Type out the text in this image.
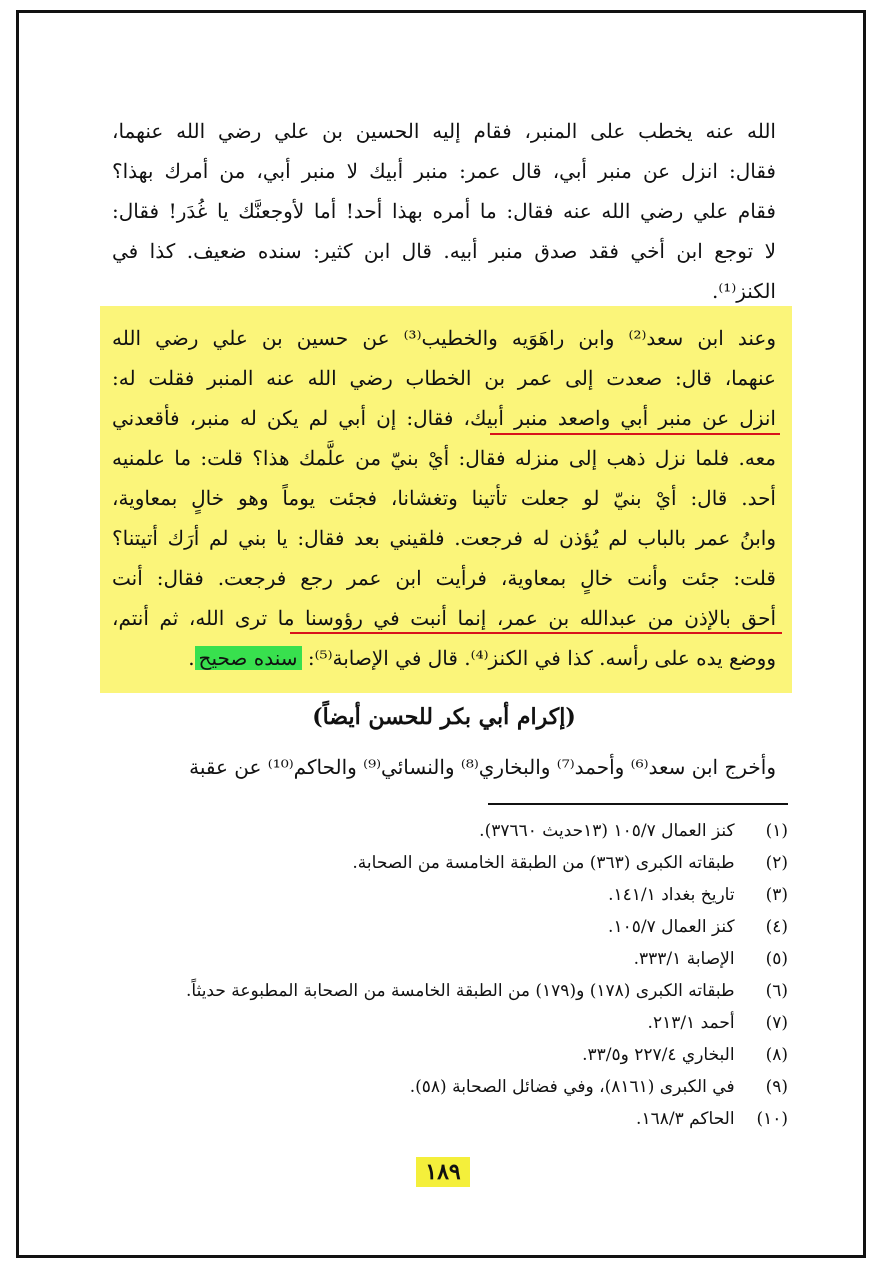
الله عنه يخطب على المنبر، فقام إليه الحسين بن علي رضي الله عنهما،
فقال: انزل عن منبر أبي، قال عمر: منبر أبيك لا منبر أبي، من أمرك بهذا؟
فقام علي رضي الله عنه فقال: ما أمره بهذا أحد! أما لأوجعنَّك يا غُدَر! فقال:
لا توجع ابن أخي فقد صدق منبر أبيه. قال ابن كثير: سنده ضعيف. كذا في
الكنز⁽¹⁾.
وعند ابن سعد⁽²⁾ وابن راهَوَيه والخطيب⁽³⁾ عن حسين بن علي رضي الله
عنهما، قال: صعدت إلى عمر بن الخطاب رضي الله عنه المنبر فقلت له:
انزل عن منبر أبي واصعد منبر أبيك، فقال: إن أبي لم يكن له منبر، فأقعدني
معه. فلما نزل ذهب إلى منزله فقال: أيْ بنيّ من علَّمك هذا؟ قلت: ما علمنيه
أحد. قال: أيْ بنيّ لو جعلت تأتينا وتغشانا، فجئت يوماً وهو خالٍ بمعاوية،
وابنُ عمر بالباب لم يُؤذن له فرجعت. فلقيني بعد فقال: يا بني لم أرَك أتيتنا؟
قلت: جئت وأنت خالٍ بمعاوية، فرأيت ابن عمر رجع فرجعت. فقال: أنت
أحق بالإذن من عبدالله بن عمر، إنما أنبت في رؤوسنا ما ترى الله، ثم أنتم،
ووضع يده على رأسه. كذا في الكنز⁽⁴⁾. قال في الإصابة⁽⁵⁾: سنده صحيح.
(إكرام أبي بكر للحسن أيضاً)
وأخرج ابن سعد⁽⁶⁾ وأحمد⁽⁷⁾ والبخاري⁽⁸⁾ والنسائي⁽⁹⁾ والحاكم⁽¹⁰⁾ عن عقبة
(١) كنز العمال ١٠٥/٧ (١٣حديث ٣٧٦٦٠).
(٢) طبقاته الكبرى (٣٦٣) من الطبقة الخامسة من الصحابة.
(٣) تاريخ بغداد ١٤١/١.
(٤) كنز العمال ١٠٥/٧.
(٥) الإصابة ٣٣٣/١.
(٦) طبقاته الكبرى (١٧٨) و(١٧٩) من الطبقة الخامسة من الصحابة المطبوعة حديثاً.
(٧) أحمد ٢١٣/١.
(٨) البخاري ٢٢٧/٤ و٣٣/٥.
(٩) في الكبرى (٨١٦١)، وفي فضائل الصحابة (٥٨).
(١٠) الحاكم ١٦٨/٣.
١٨٩
